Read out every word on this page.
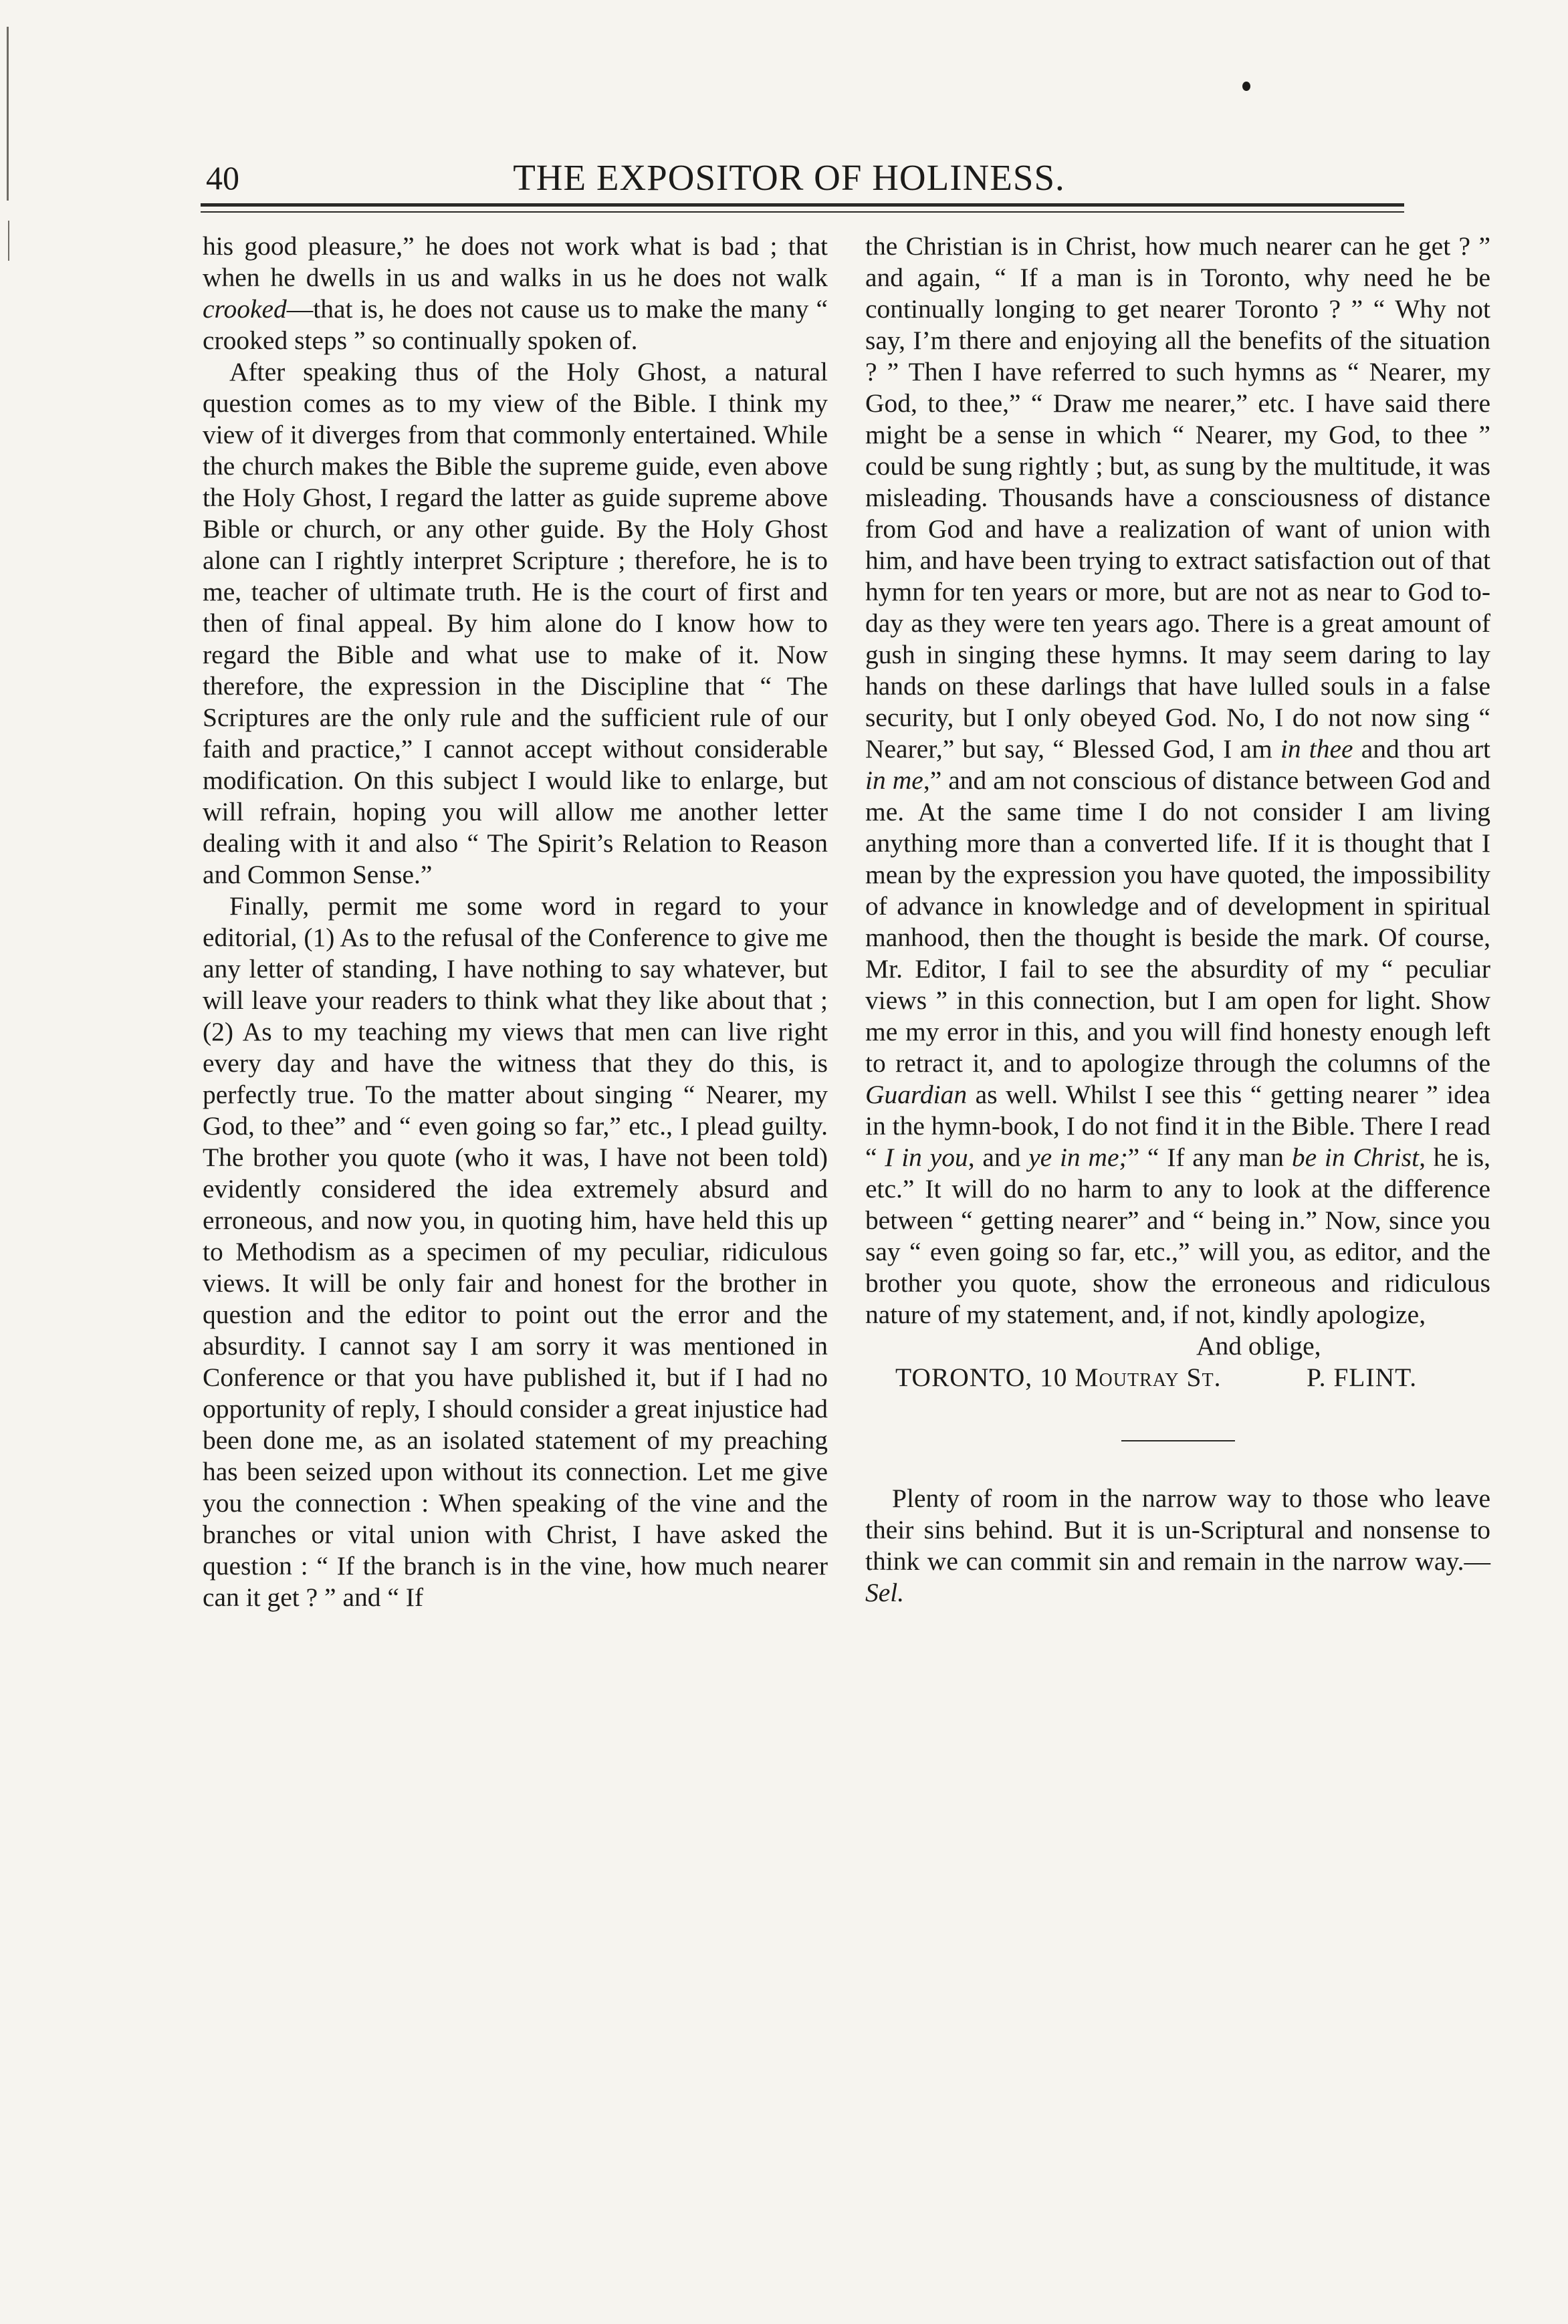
40	THE EXPOSITOR OF HOLINESS.

his good pleasure,” he does not work what is bad ; that when he dwells in us and walks in us he does not walk crooked—that is, he does not cause us to make the many “ crooked steps ” so continually spoken of.

After speaking thus of the Holy Ghost, a natural question comes as to my view of the Bible. I think my view of it diverges from that commonly entertained. While the church makes the Bible the supreme guide, even above the Holy Ghost, I regard the latter as guide supreme above Bible or church, or any other guide. By the Holy Ghost alone can I rightly interpret Scripture ; therefore, he is to me, teacher of ultimate truth. He is the court of first and then of final appeal. By him alone do I know how to regard the Bible and what use to make of it. Now therefore, the expression in the Discipline that “ The Scriptures are the only rule and the sufficient rule of our faith and practice,” I cannot accept without considerable modification. On this subject I would like to enlarge, but will refrain, hoping you will allow me another letter dealing with it and also “ The Spirit’s Relation to Reason and Common Sense.”

Finally, permit me some word in regard to your editorial, (1) As to the refusal of the Conference to give me any letter of standing, I have nothing to say whatever, but will leave your readers to think what they like about that ; (2) As to my teaching my views that men can live right every day and have the witness that they do this, is perfectly true. To the matter about singing “ Nearer, my God, to thee” and “ even going so far,” etc., I plead guilty. The brother you quote (who it was, I have not been told) evidently considered the idea extremely absurd and erroneous, and now you, in quoting him, have held this up to Methodism as a specimen of my peculiar, ridiculous views. It will be only fair and honest for the brother in question and the editor to point out the error and the absurdity. I cannot say I am sorry it was mentioned in Conference or that you have published it, but if I had no opportunity of reply, I should consider a great injustice had been done me, as an isolated statement of my preaching has been seized upon without its connection. Let me give you the connection : When speaking of the vine and the branches or vital union with Christ, I have asked the question : “ If the branch is in the vine, how much nearer can it get ? ” and “ If

the Christian is in Christ, how much nearer can he get ? ” and again, “ If a man is in Toronto, why need he be continually longing to get nearer Toronto ? ” “ Why not say, I’m there and enjoying all the benefits of the situation ? ” Then I have referred to such hymns as “ Nearer, my God, to thee,” “ Draw me nearer,” etc. I have said there might be a sense in which “ Nearer, my God, to thee ” could be sung rightly ; but, as sung by the multitude, it was misleading. Thousands have a consciousness of distance from God and have a realization of want of union with him, and have been trying to extract satisfaction out of that hymn for ten years or more, but are not as near to God to-day as they were ten years ago. There is a great amount of gush in singing these hymns. It may seem daring to lay hands on these darlings that have lulled souls in a false security, but I only obeyed God. No, I do not now sing “ Nearer,” but say, “ Blessed God, I am in thee and thou art in me,” and am not conscious of distance between God and me. At the same time I do not consider I am living anything more than a converted life. If it is thought that I mean by the expression you have quoted, the impossibility of advance in knowledge and of development in spiritual manhood, then the thought is beside the mark. Of course, Mr. Editor, I fail to see the absurdity of my “ peculiar views ” in this connection, but I am open for light. Show me my error in this, and you will find honesty enough left to retract it, and to apologize through the columns of the Guardian as well. Whilst I see this “ getting nearer ” idea in the hymn-book, I do not find it in the Bible. There I read “ I in you, and ye in me;” “ If any man be in Christ, he is, etc.” It will do no harm to any to look at the difference between “ getting nearer” and “ being in.” Now, since you say “ even going so far, etc.,” will you, as editor, and the brother you quote, show the erroneous and ridiculous nature of my statement, and, if not, kindly apologize,

And oblige,
TORONTO, 10 Moutray St.	P. FLINT.

Plenty of room in the narrow way to those who leave their sins behind. But it is un-Scriptural and nonsense to think we can commit sin and remain in the narrow way.—Sel.
